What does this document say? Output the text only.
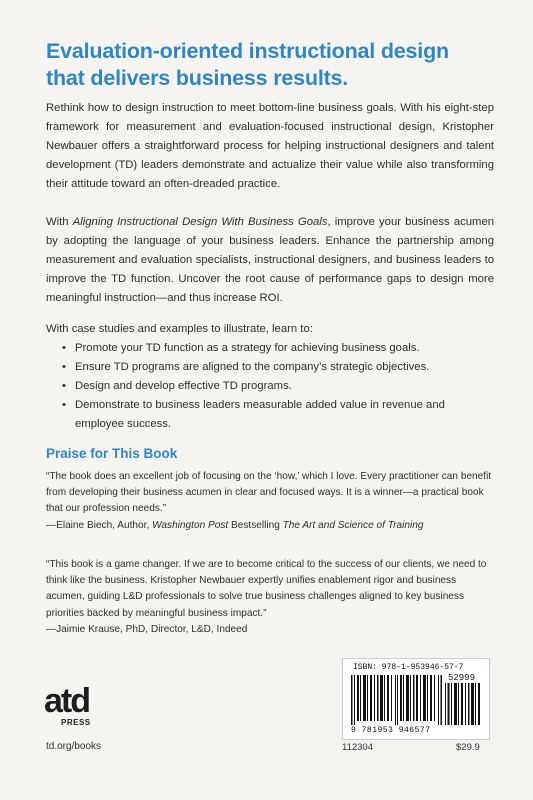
Evaluation-oriented instructional design that delivers business results.
Rethink how to design instruction to meet bottom-line business goals. With his eight-step framework for measurement and evaluation-focused instructional design, Kristopher Newbauer offers a straightforward process for helping instructional designers and talent development (TD) leaders demonstrate and actualize their value while also transforming their attitude toward an often-dreaded practice.
With Aligning Instructional Design With Business Goals, improve your business acumen by adopting the language of your business leaders. Enhance the partnership among measurement and evaluation specialists, instructional designers, and business leaders to improve the TD function. Uncover the root cause of performance gaps to design more meaningful instruction—and thus increase ROI.
With case studies and examples to illustrate, learn to:
• Promote your TD function as a strategy for achieving business goals.
• Ensure TD programs are aligned to the company’s strategic objectives.
• Design and develop effective TD programs.
• Demonstrate to business leaders measurable added value in revenue and employee success.
Praise for This Book
“The book does an excellent job of focusing on the ‘how,’ which I love. Every practitioner can benefit from developing their business acumen in clear and focused ways. It is a winner—a practical book that our profession needs.”
—Elaine Biech, Author, Washington Post Bestselling The Art and Science of Training
“This book is a game changer. If we are to become critical to the success of our clients, we need to think like the business. Kristopher Newbauer expertly unifies enablement rigor and business acumen, guiding L&D professionals to solve true business challenges aligned to key business priorities backed by meaningful business impact.”
—Jaimie Krause, PhD, Director, L&D, Indeed
atd
PRESS
td.org/books
ISBN: 978-1-953946-57-7
52999
9 781953 946577
112304	$29.9
